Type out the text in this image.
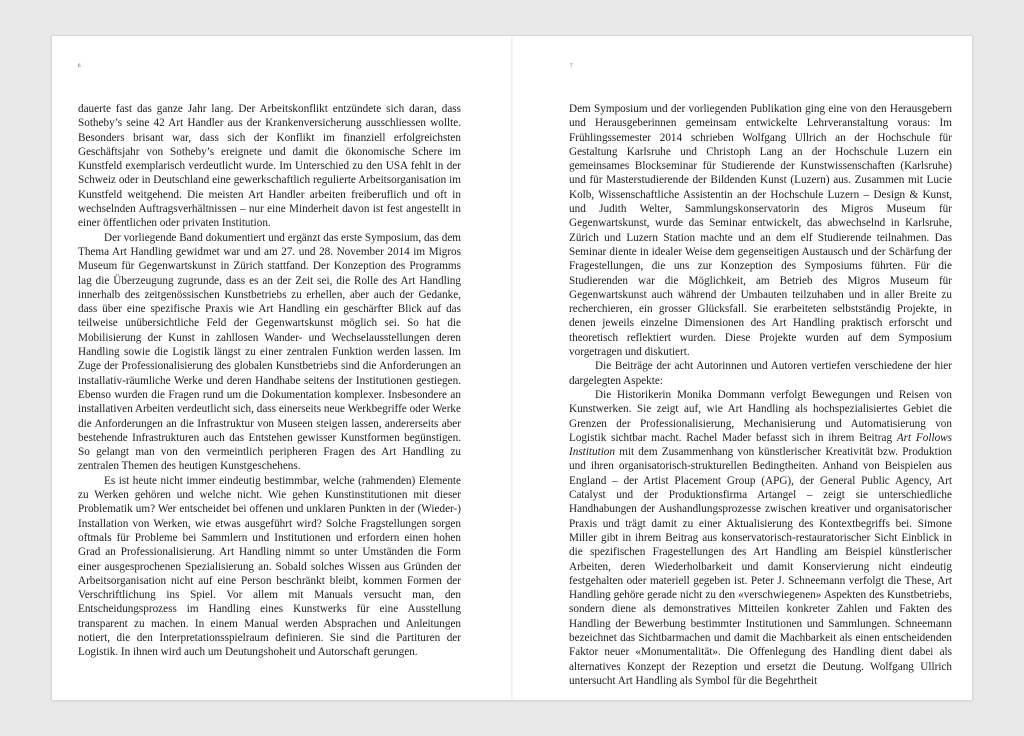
6

dauerte fast das ganze Jahr lang. Der Arbeitskonflikt entzündete sich daran, dass Sotheby’s seine 42 Art Handler aus der Krankenversicherung ausschliessen wollte. Besonders brisant war, dass sich der Konflikt im finanziell erfolgreichsten Geschäftsjahr von Sotheby’s ereignete und damit die ökonomische Schere im Kunstfeld exemplarisch verdeutlicht wurde. Im Unterschied zu den USA fehlt in der Schweiz oder in Deutschland eine gewerkschaftlich regulierte Arbeitsorganisation im Kunstfeld weitgehend. Die meisten Art Handler arbeiten freiberuflich und oft in wechselnden Auftragsverhältnissen – nur eine Minderheit davon ist fest angestellt in einer öffentlichen oder privaten Institution.

Der vorliegende Band dokumentiert und ergänzt das erste Symposium, das dem Thema Art Handling gewidmet war und am 27. und 28. November 2014 im Migros Museum für Gegenwartskunst in Zürich stattfand. Der Konzeption des Programms lag die Überzeugung zugrunde, dass es an der Zeit sei, die Rolle des Art Handling innerhalb des zeitgenössischen Kunstbetriebs zu erhellen, aber auch der Gedanke, dass über eine spezifische Praxis wie Art Handling ein geschärfter Blick auf das teilweise unübersichtliche Feld der Gegenwartskunst möglich sei. So hat die Mobilisierung der Kunst in zahllosen Wander- und Wechselausstellungen deren Handling sowie die Logistik längst zu einer zentralen Funktion werden lassen. Im Zuge der Professionalisierung des globalen Kunstbetriebs sind die Anforderungen an installativ-räumliche Werke und deren Handhabe seitens der Institutionen gestiegen. Ebenso wurden die Fragen rund um die Dokumentation komplexer. Insbesondere an installativen Arbeiten verdeutlicht sich, dass einerseits neue Werkbegriffe oder Werke die Anforderungen an die Infrastruktur von Museen steigen lassen, andererseits aber bestehende Infrastrukturen auch das Entstehen gewisser Kunstformen begünstigen. So gelangt man von den vermeintlich peripheren Fragen des Art Handling zu zentralen Themen des heutigen Kunstgeschehens.

Es ist heute nicht immer eindeutig bestimmbar, welche (rahmenden) Elemente zu Werken gehören und welche nicht. Wie gehen Kunstinstitutionen mit dieser Problematik um? Wer entscheidet bei offenen und unklaren Punkten in der (Wieder-) Installation von Werken, wie etwas ausgeführt wird? Solche Fragstellungen sorgen oftmals für Probleme bei Sammlern und Institutionen und erfordern einen hohen Grad an Professionalisierung. Art Handling nimmt so unter Umständen die Form einer ausgesprochenen Spezialisierung an. Sobald solches Wissen aus Gründen der Arbeitsorganisation nicht auf eine Person beschränkt bleibt, kommen Formen der Verschriftlichung ins Spiel. Vor allem mit Manuals versucht man, den Entscheidungsprozess im Handling eines Kunstwerks für eine Ausstellung transparent zu machen. In einem Manual werden Absprachen und Anleitungen notiert, die den Interpretationsspielraum definieren. Sie sind die Partituren der Logistik. In ihnen wird auch um Deutungshoheit und Autorschaft gerungen.

7

Dem Symposium und der vorliegenden Publikation ging eine von den Herausgebern und Herausgeberinnen gemeinsam entwickelte Lehrveranstaltung voraus: Im Frühlingssemester 2014 schrieben Wolfgang Ullrich an der Hochschule für Gestaltung Karlsruhe und Christoph Lang an der Hochschule Luzern ein gemeinsames Blockseminar für Studierende der Kunstwissenschaften (Karlsruhe) und für Masterstudierende der Bildenden Kunst (Luzern) aus. Zusammen mit Lucie Kolb, Wissenschaftliche Assistentin an der Hochschule Luzern – Design & Kunst, und Judith Welter, Sammlungskonservatorin des Migros Museum für Gegenwartskunst, wurde das Seminar entwickelt, das abwechselnd in Karlsruhe, Zürich und Luzern Station machte und an dem elf Studierende teilnahmen. Das Seminar diente in idealer Weise dem gegenseitigen Austausch und der Schärfung der Fragestellungen, die uns zur Konzeption des Symposiums führten. Für die Studierenden war die Möglichkeit, am Betrieb des Migros Museum für Gegenwartskunst auch während der Umbauten teilzuhaben und in aller Breite zu recherchieren, ein grosser Glücksfall. Sie erarbeiteten selbstständig Projekte, in denen jeweils einzelne Dimensionen des Art Handling praktisch erforscht und theoretisch reflektiert wurden. Diese Projekte wurden auf dem Symposium vorgetragen und diskutiert.

Die Beiträge der acht Autorinnen und Autoren vertiefen verschiedene der hier dargelegten Aspekte:

Die Historikerin Monika Dommann verfolgt Bewegungen und Reisen von Kunstwerken. Sie zeigt auf, wie Art Handling als hochspezialisiertes Gebiet die Grenzen der Professionalisierung, Mechanisierung und Automatisierung von Logistik sichtbar macht. Rachel Mader befasst sich in ihrem Beitrag Art Follows Institution mit dem Zusammenhang von künstlerischer Kreativität bzw. Produktion und ihren organisatorisch-strukturellen Bedingtheiten. Anhand von Beispielen aus England – der Artist Placement Group (APG), der General Public Agency, Art Catalyst und der Produktionsfirma Artangel – zeigt sie unterschiedliche Handhabungen der Aushandlungsprozesse zwischen kreativer und organisatorischer Praxis und trägt damit zu einer Aktualisierung des Kontextbegriffs bei. Simone Miller gibt in ihrem Beitrag aus konservatorisch-restauratorischer Sicht Einblick in die spezifischen Fragestellungen des Art Handling am Beispiel künstlerischer Arbeiten, deren Wiederholbarkeit und damit Konservierung nicht eindeutig festgehalten oder materiell gegeben ist. Peter J. Schneemann verfolgt die These, Art Handling gehöre gerade nicht zu den «verschwiegenen» Aspekten des Kunstbetriebs, sondern diene als demonstratives Mitteilen konkreter Zahlen und Fakten des Handling der Bewerbung bestimmter Institutionen und Sammlungen. Schneemann bezeichnet das Sichtbarmachen und damit die Machbarkeit als einen entscheidenden Faktor neuer «Monumentalität». Die Offenlegung des Handling dient dabei als alternatives Konzept der Rezeption und ersetzt die Deutung. Wolfgang Ullrich untersucht Art Handling als Symbol für die Begehrtheit
